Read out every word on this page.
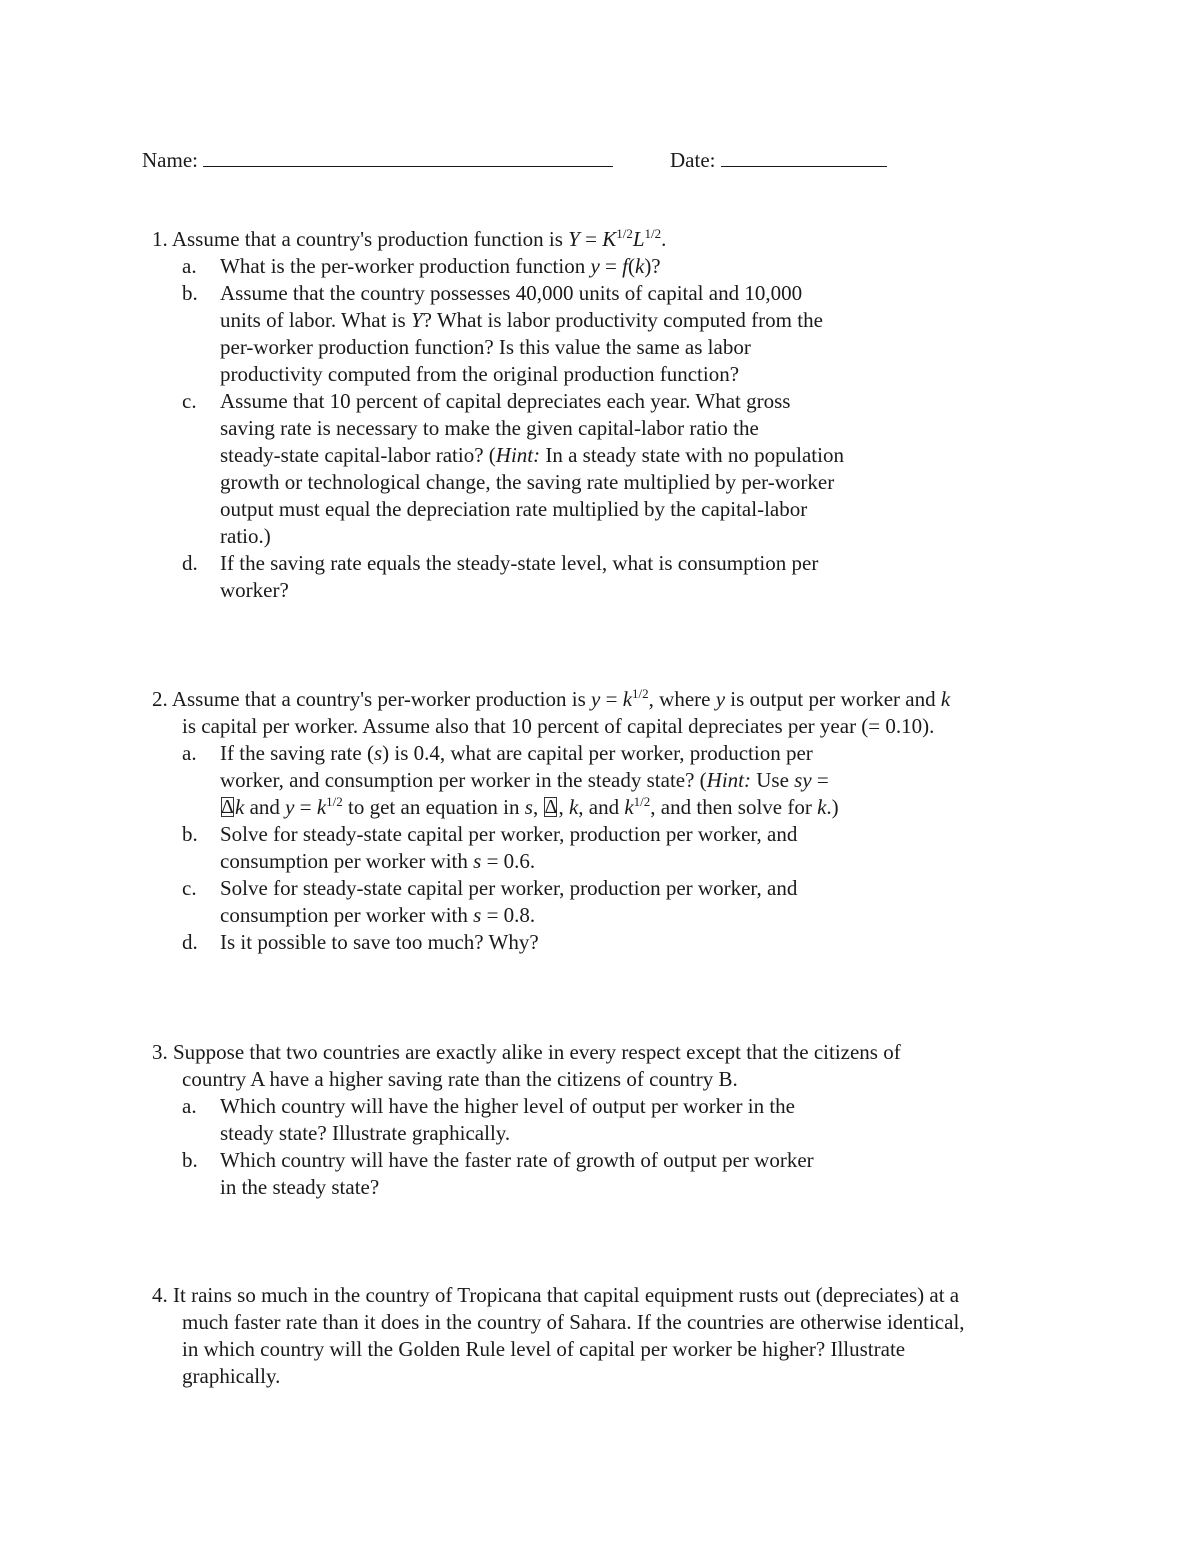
Name:	Date:
1. Assume that a country's production function is $Y = K^{1/2}L^{1/2}$.
a. What is the per-worker production function y = f(k)?
b. Assume that the country possesses 40,000 units of capital and 10,000
units of labor. What is Y? What is labor productivity computed from the
per-worker production function? Is this value the same as labor
productivity computed from the original production function?
c. Assume that 10 percent of capital depreciates each year. What gross
saving rate is necessary to make the given capital-labor ratio the
steady-state capital-labor ratio? (Hint: In a steady state with no population
growth or technological change, the saving rate multiplied by per-worker
output must equal the depreciation rate multiplied by the capital-labor
ratio.)
d. If the saving rate equals the steady-state level, what is consumption per
worker?
2. Assume that a country's per-worker production is $y = k^{1/2}$, where y is output per worker and k
is capital per worker. Assume also that 10 percent of capital depreciates per year (= 0.10).
a. If the saving rate (s) is 0.4, what are capital per worker, production per
worker, and consumption per worker in the steady state? (Hint: Use sy =
Δk and $y = k^{1/2}$ to get an equation in s, Δ, k, and $k^{1/2}$, and then solve for k.)
b. Solve for steady-state capital per worker, production per worker, and
consumption per worker with s = 0.6.
c. Solve for steady-state capital per worker, production per worker, and
consumption per worker with s = 0.8.
d. Is it possible to save too much? Why?
3. Suppose that two countries are exactly alike in every respect except that the citizens of
country A have a higher saving rate than the citizens of country B.
a. Which country will have the higher level of output per worker in the
steady state? Illustrate graphically.
b. Which country will have the faster rate of growth of output per worker
in the steady state?
4. It rains so much in the country of Tropicana that capital equipment rusts out (depreciates) at a
much faster rate than it does in the country of Sahara. If the countries are otherwise identical,
in which country will the Golden Rule level of capital per worker be higher? Illustrate
graphically.
